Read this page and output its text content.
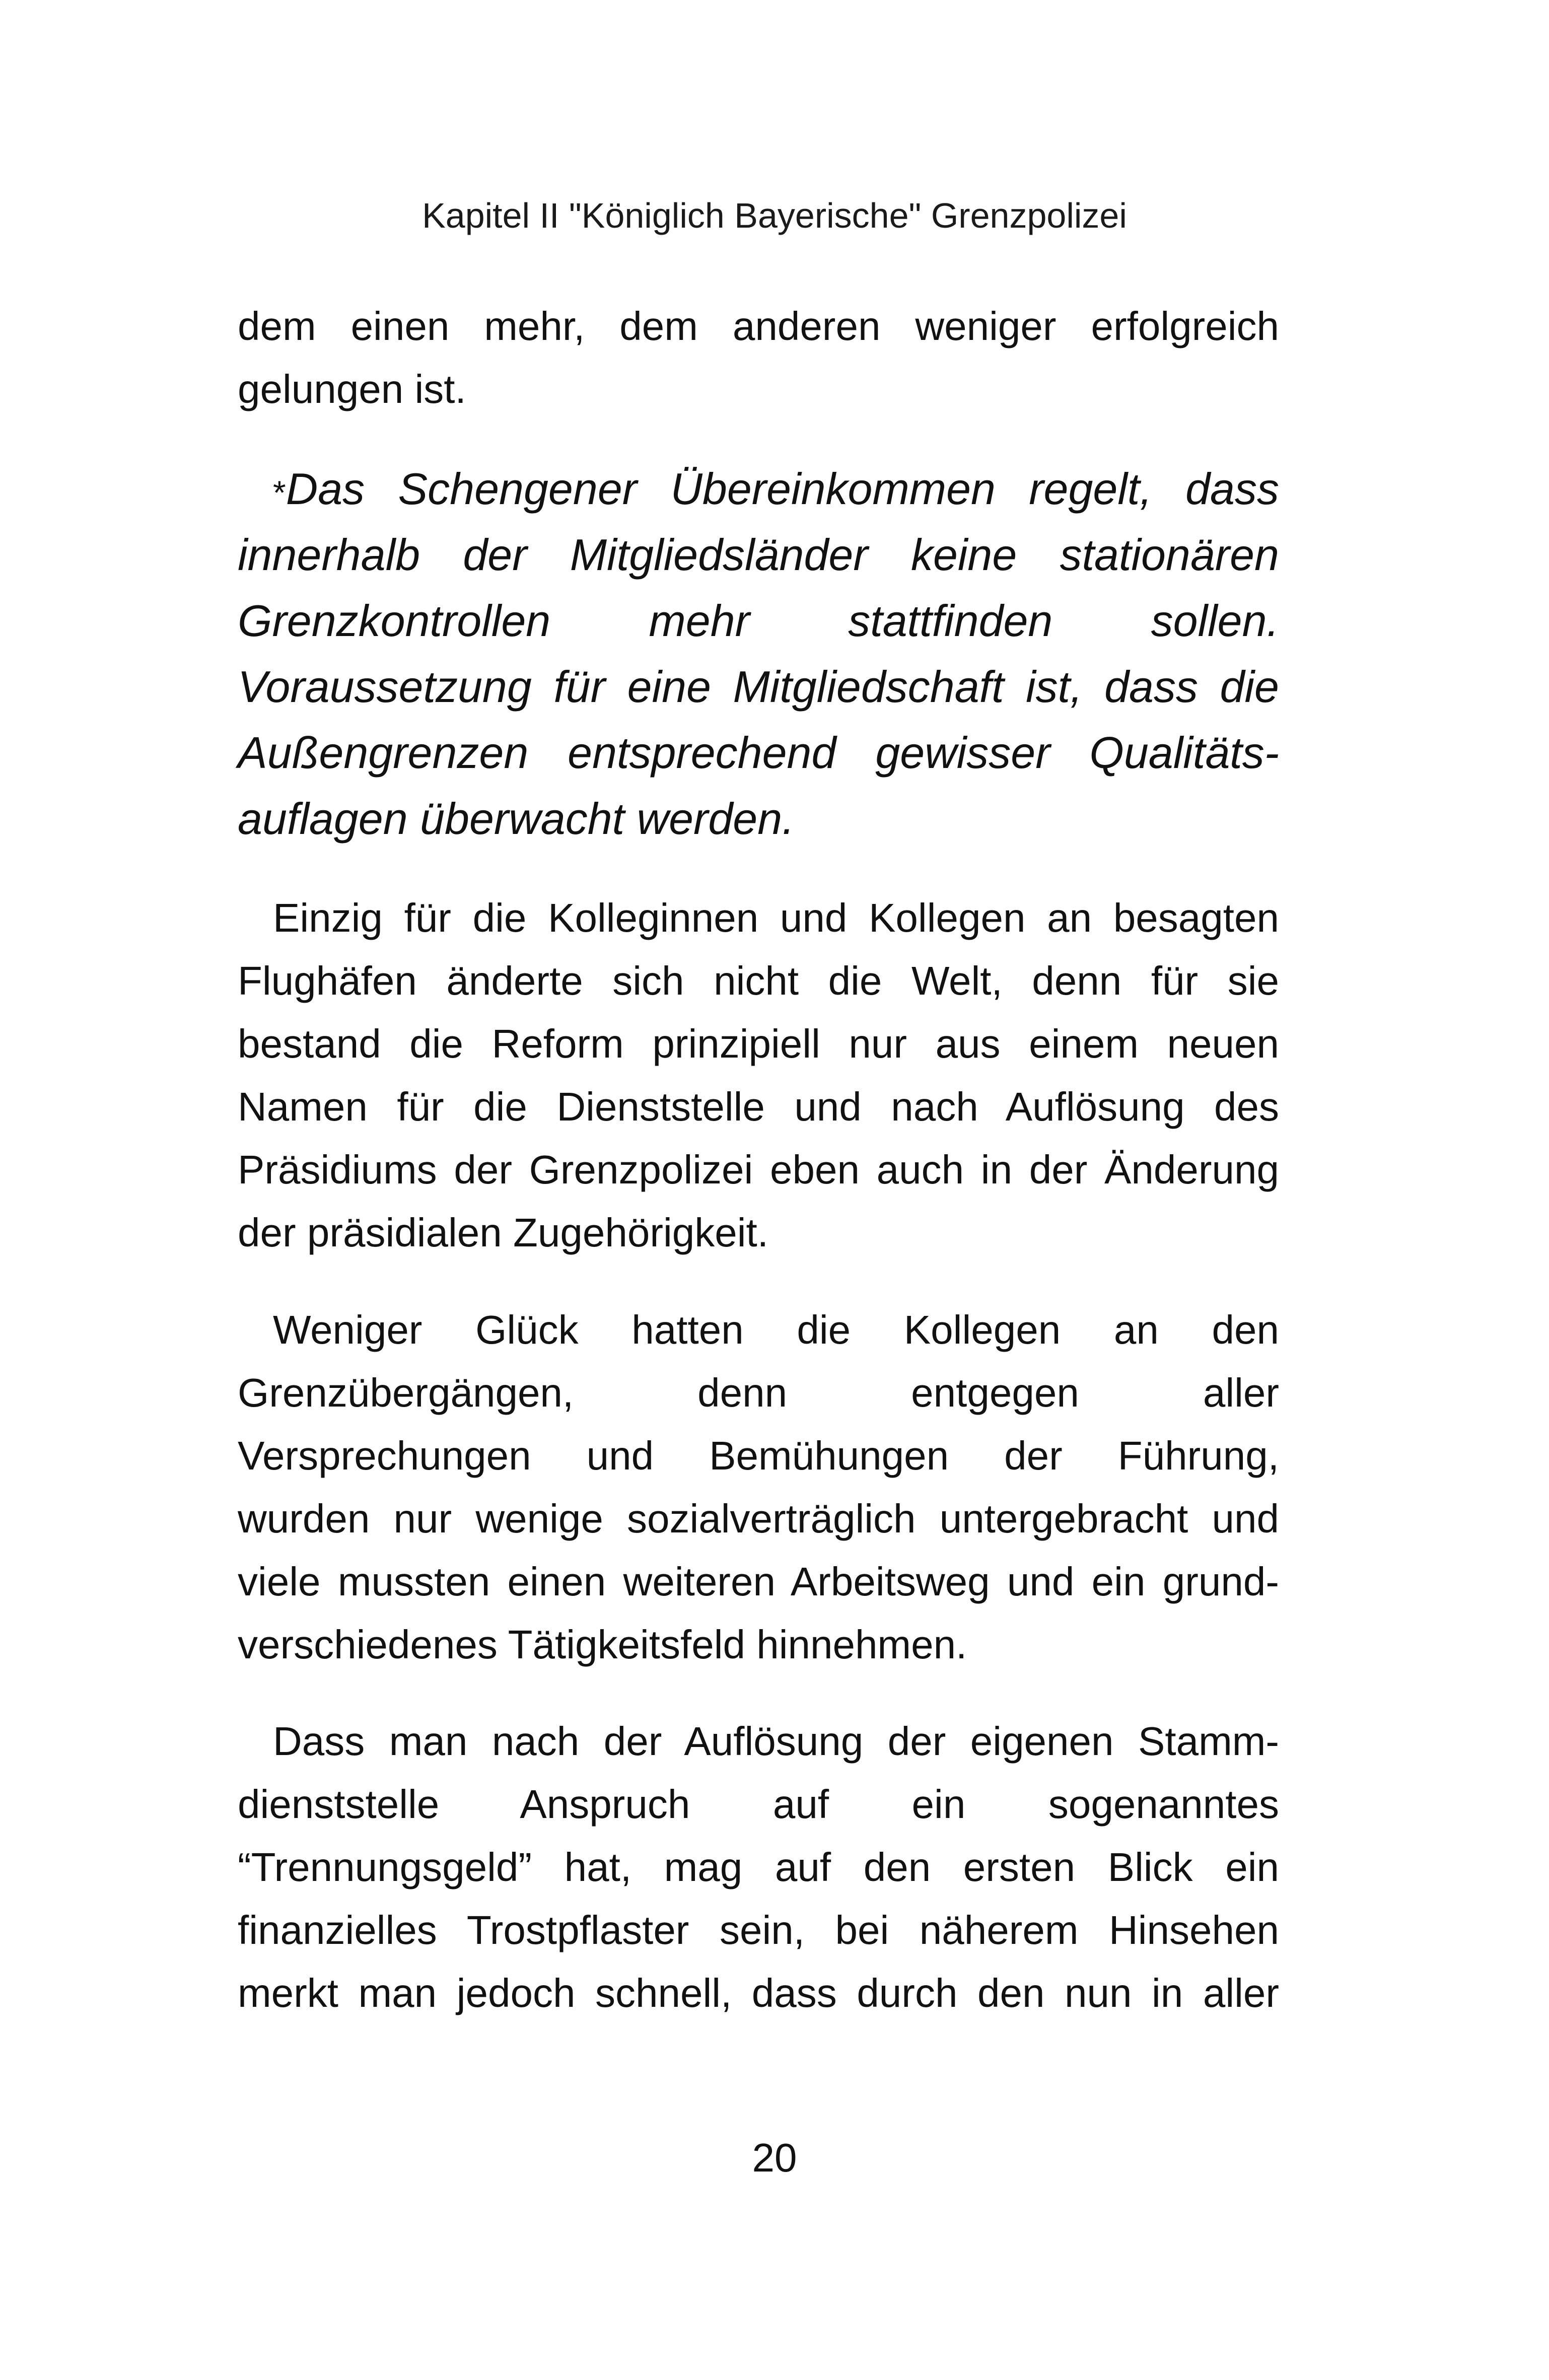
Kapitel II "Königlich Bayerische" Grenzpolizei
dem einen mehr, dem anderen weniger erfolgreich
gelungen ist.
*Das Schengener Übereinkommen regelt, dass
innerhalb der Mitgliedsländer keine stationären
Grenzkontrollen mehr stattfinden sollen.
Voraussetzung für eine Mitgliedschaft ist, dass die
Außengrenzen entsprechend gewisser Qualitäts-
auflagen überwacht werden.
Einzig für die Kolleginnen und Kollegen an besagten
Flughäfen änderte sich nicht die Welt, denn für sie
bestand die Reform prinzipiell nur aus einem neuen
Namen für die Dienststelle und nach Auflösung des
Präsidiums der Grenzpolizei eben auch in der Änderung
der präsidialen Zugehörigkeit.
Weniger Glück hatten die Kollegen an den
Grenzübergängen, denn entgegen aller
Versprechungen und Bemühungen der Führung,
wurden nur wenige sozialverträglich untergebracht und
viele mussten einen weiteren Arbeitsweg und ein grund-
verschiedenes Tätigkeitsfeld hinnehmen.
Dass man nach der Auflösung der eigenen Stamm-
dienststelle Anspruch auf ein sogenanntes
“Trennungsgeld” hat, mag auf den ersten Blick ein
finanzielles Trostpflaster sein, bei näherem Hinsehen
merkt man jedoch schnell, dass durch den nun in aller
20
